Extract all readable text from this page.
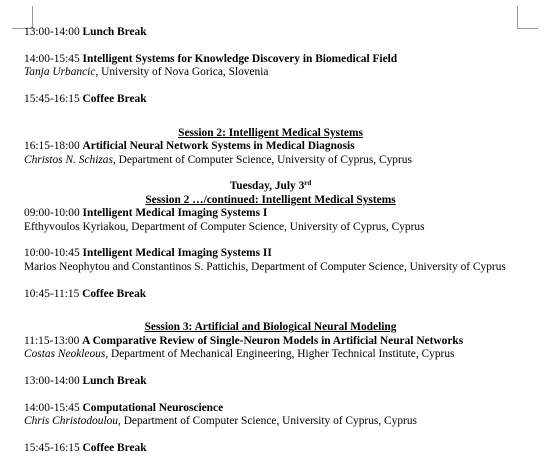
13:00-14:00 Lunch Break
14:00-15:45 Intelligent Systems for Knowledge Discovery in Biomedical Field
Tanja Urbancic, University of Nova Gorica, Slovenia
15:45-16:15 Coffee Break
Session 2: Intelligent Medical Systems
16:15-18:00 Artificial Neural Network Systems in Medical Diagnosis
Christos N. Schizas, Department of Computer Science, University of Cyprus, Cyprus
Tuesday, July 3rd
Session 2 …/continued: Intelligent Medical Systems
09:00-10:00 Intelligent Medical Imaging Systems I
Efthyvoulos Kyriakou, Department of Computer Science, University of Cyprus, Cyprus
10:00-10:45 Intelligent Medical Imaging Systems II
Marios Neophytou and Constantinos S. Pattichis, Department of Computer Science, University of Cyprus
10:45-11:15 Coffee Break
Session 3: Artificial and Biological Neural Modeling
11:15-13:00 A Comparative Review of Single-Neuron Models in Artificial Neural Networks
Costas Neokleous, Department of Mechanical Engineering, Higher Technical Institute, Cyprus
13:00-14:00 Lunch Break
14:00-15:45 Computational Neuroscience
Chris Christodoulou, Department of Computer Science, University of Cyprus, Cyprus
15:45-16:15 Coffee Break
